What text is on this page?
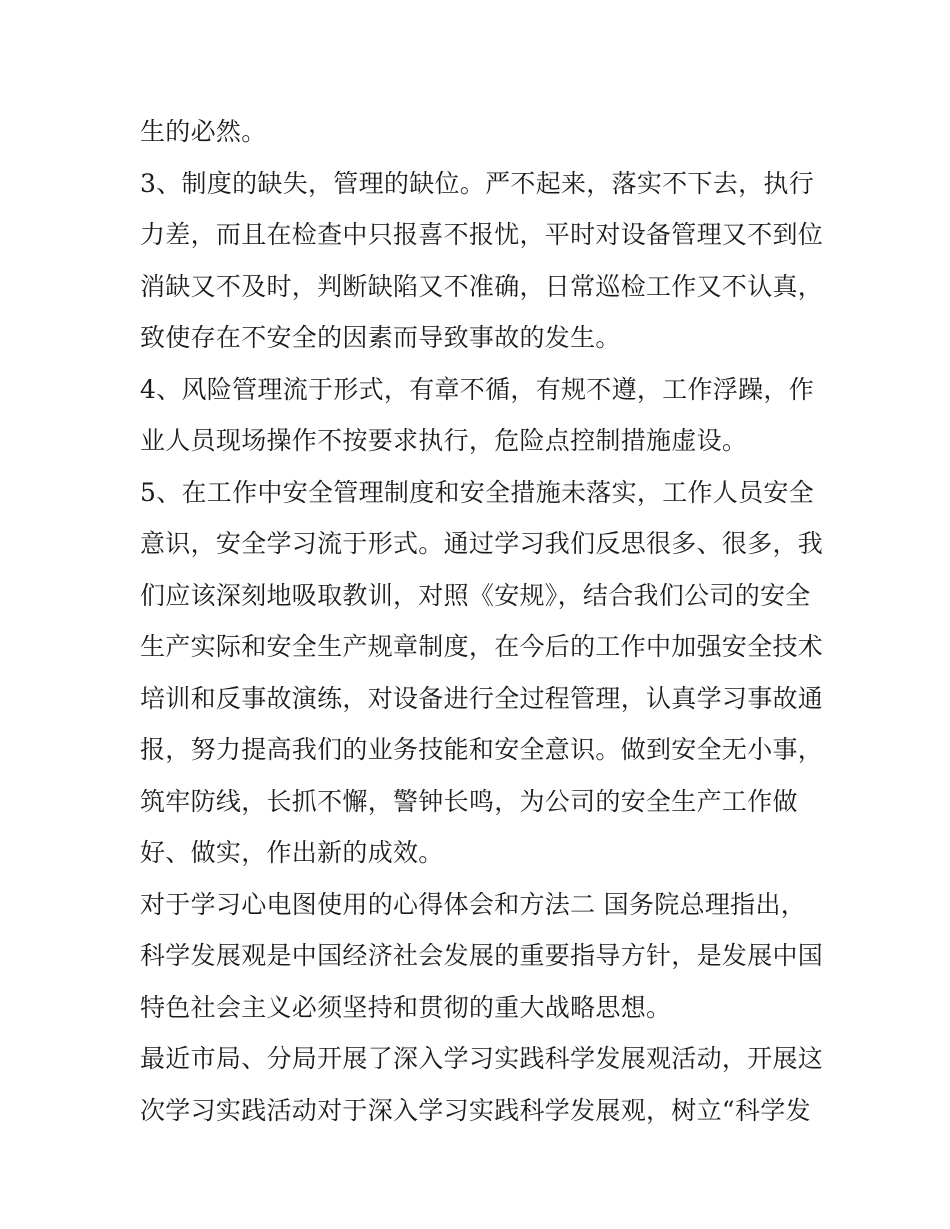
生的必然。
3、制度的缺失，管理的缺位。严不起来，落实不下去，执行
力差，而且在检查中只报喜不报忧，平时对设备管理又不到位
消缺又不及时，判断缺陷又不准确，日常巡检工作又不认真，
致使存在不安全的因素而导致事故的发生。
4、风险管理流于形式，有章不循，有规不遵，工作浮躁，作
业人员现场操作不按要求执行，危险点控制措施虚设。
5、在工作中安全管理制度和安全措施未落实，工作人员安全
意识，安全学习流于形式。通过学习我们反思很多、很多，我
们应该深刻地吸取教训，对照《安规》，结合我们公司的安全
生产实际和安全生产规章制度，在今后的工作中加强安全技术
培训和反事故演练，对设备进行全过程管理，认真学习事故通
报，努力提高我们的业务技能和安全意识。做到安全无小事，
筑牢防线，长抓不懈，警钟长鸣，为公司的安全生产工作做
好、做实，作出新的成效。
对于学习心电图使用的心得体会和方法二 国务院总理指出，
科学发展观是中国经济社会发展的重要指导方针，是发展中国
特色社会主义必须坚持和贯彻的重大战略思想。
最近市局、分局开展了深入学习实践科学发展观活动，开展这
次学习实践活动对于深入学习实践科学发展观，树立“科学发
